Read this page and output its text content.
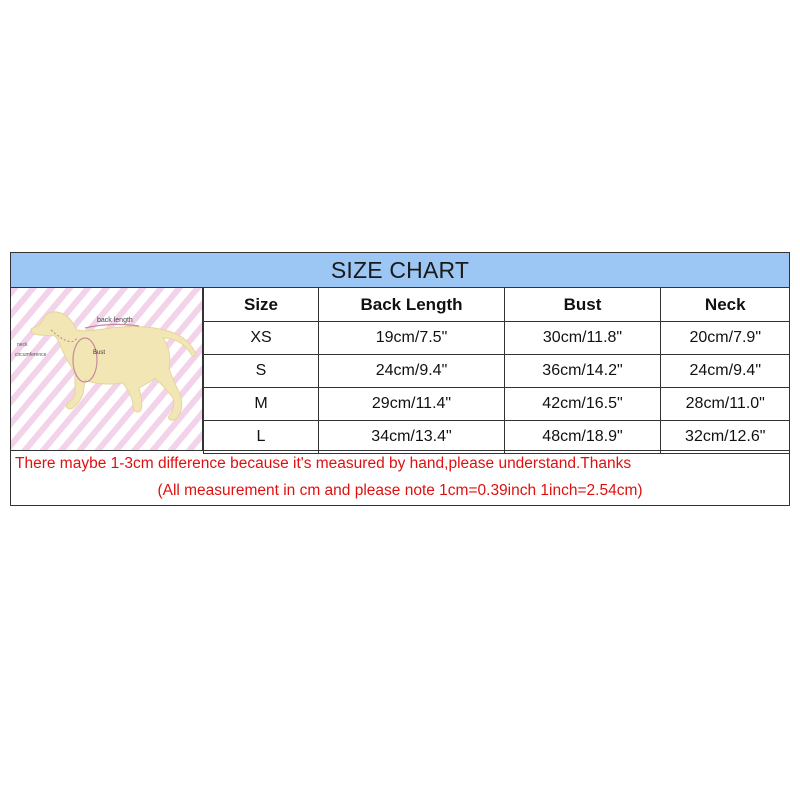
SIZE CHART
back length
neck
circumference	Bust
Size	Back Length	Bust	Neck
XS	19cm/7.5"	30cm/11.8"	20cm/7.9"
S	24cm/9.4"	36cm/14.2"	24cm/9.4"
M	29cm/11.4"	42cm/16.5"	28cm/11.0"
L	34cm/13.4"	48cm/18.9"	32cm/12.6"
There maybe 1-3cm difference because it's measured by hand,please understand.Thanks
(All measurement in cm and please note 1cm=0.39inch 1inch=2.54cm)
